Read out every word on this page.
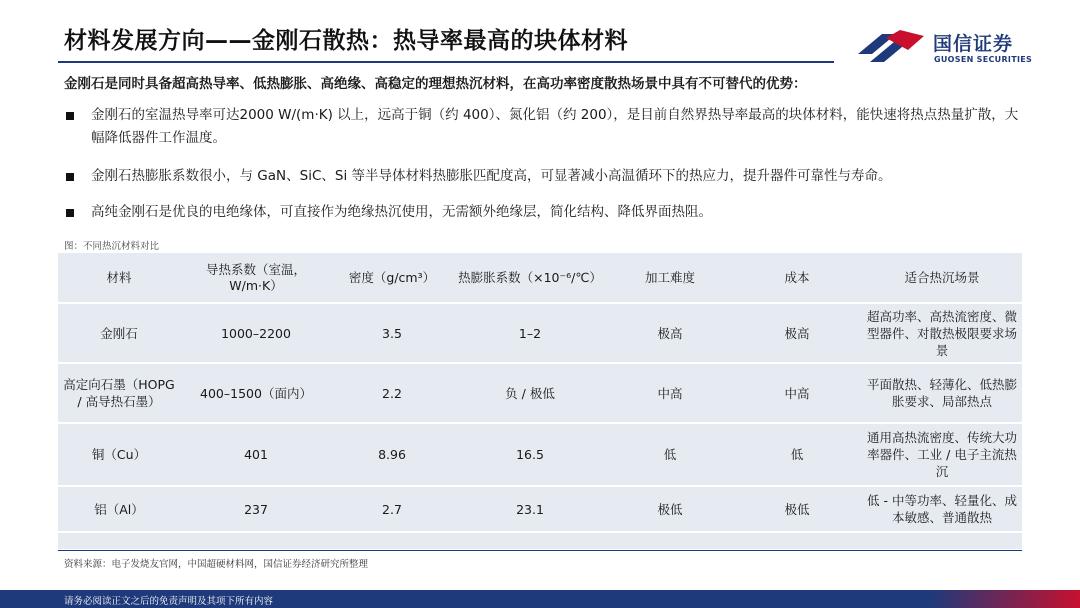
材料发展方向——金刚石散热：热导率最高的块体材料	国信证券
GUOSEN SECURITIES

金刚石是同时具备超高热导率、低热膨胀、高绝缘、高稳定的理想热沉材料，在高功率密度散热场景中具有不可替代的优势：

金刚石的室温热导率可达2000 W/(m·K) 以上，远高于铜（约 400）、氮化铝（约 200），是目前自然界热导率最高的块体材料，能快速将热点热量扩散，大幅降低器件工作温度。
金刚石热膨胀系数很小，与 GaN、SiC、Si 等半导体材料热膨胀匹配度高，可显著减小高温循环下的热应力，提升器件可靠性与寿命。
高纯金刚石是优良的电绝缘体，可直接作为绝缘热沉使用，无需额外绝缘层，简化结构、降低界面热阻。

图：不同热沉材料对比

材料	导热系数（室温，W/m·K）	密度（g/cm³）	热膨胀系数（×10⁻⁶/℃）	加工难度	成本	适合热沉场景
金刚石	1000–2200	3.5	1–2	极高	极高	超高功率、高热流密度、微型器件、对散热极限要求场景
高定向石墨（HOPG / 高导热石墨）	400–1500（面内）	2.2	负 / 极低	中高	中高	平面散热、轻薄化、低热膨胀要求、局部热点
铜（Cu）	401	8.96	16.5	低	低	通用高热流密度、传统大功率器件、工业 / 电子主流热沉
铝（Al）	237	2.7	23.1	极低	极低	低 - 中等功率、轻量化、成本敏感、普通散热

资料来源：电子发烧友官网，中国超硬材料网，国信证券经济研究所整理

请务必阅读正文之后的免责声明及其项下所有内容
